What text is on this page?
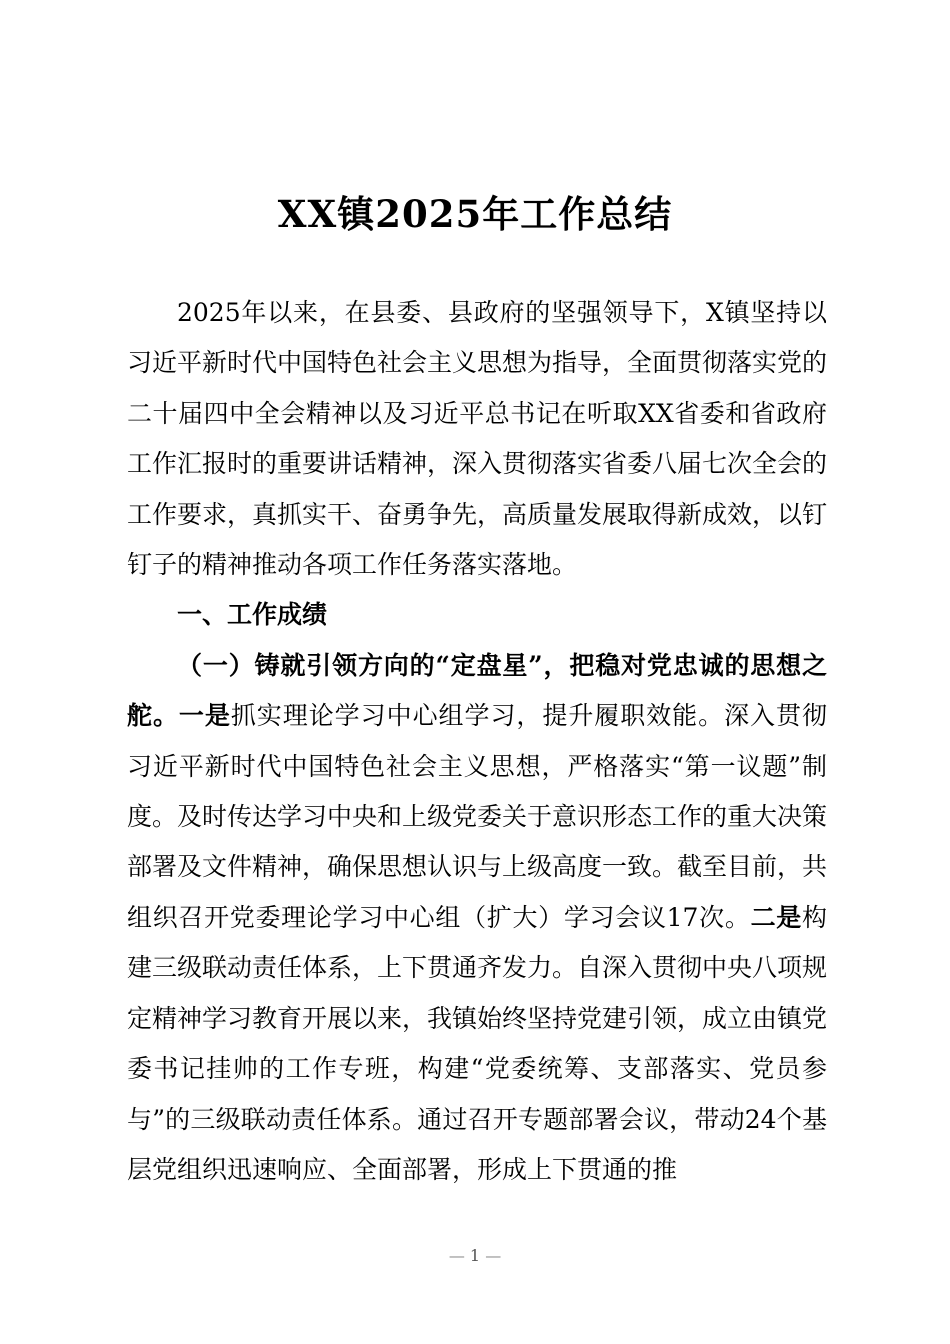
XX镇2025年工作总结

2025年以来，在县委、县政府的坚强领导下，X镇坚持以习近平新时代中国特色社会主义思想为指导，全面贯彻落实党的二十届四中全会精神以及习近平总书记在听取XX省委和省政府工作汇报时的重要讲话精神，深入贯彻落实省委八届七次全会的工作要求，真抓实干、奋勇争先，高质量发展取得新成效，以钉钉子的精神推动各项工作任务落实落地。

一、工作成绩

（一）铸就引领方向的“定盘星”，把稳对党忠诚的思想之舵。一是抓实理论学习中心组学习，提升履职效能。深入贯彻习近平新时代中国特色社会主义思想，严格落实“第一议题”制度。及时传达学习中央和上级党委关于意识形态工作的重大决策部署及文件精神，确保思想认识与上级高度一致。截至目前，共组织召开党委理论学习中心组（扩大）学习会议17次。二是构建三级联动责任体系，上下贯通齐发力。自深入贯彻中央八项规定精神学习教育开展以来，我镇始终坚持党建引领，成立由镇党委书记挂帅的工作专班，构建“党委统筹、支部落实、党员参与”的三级联动责任体系。通过召开专题部署会议，带动24个基层党组织迅速响应、全面部署，形成上下贯通的推

— 1 —
